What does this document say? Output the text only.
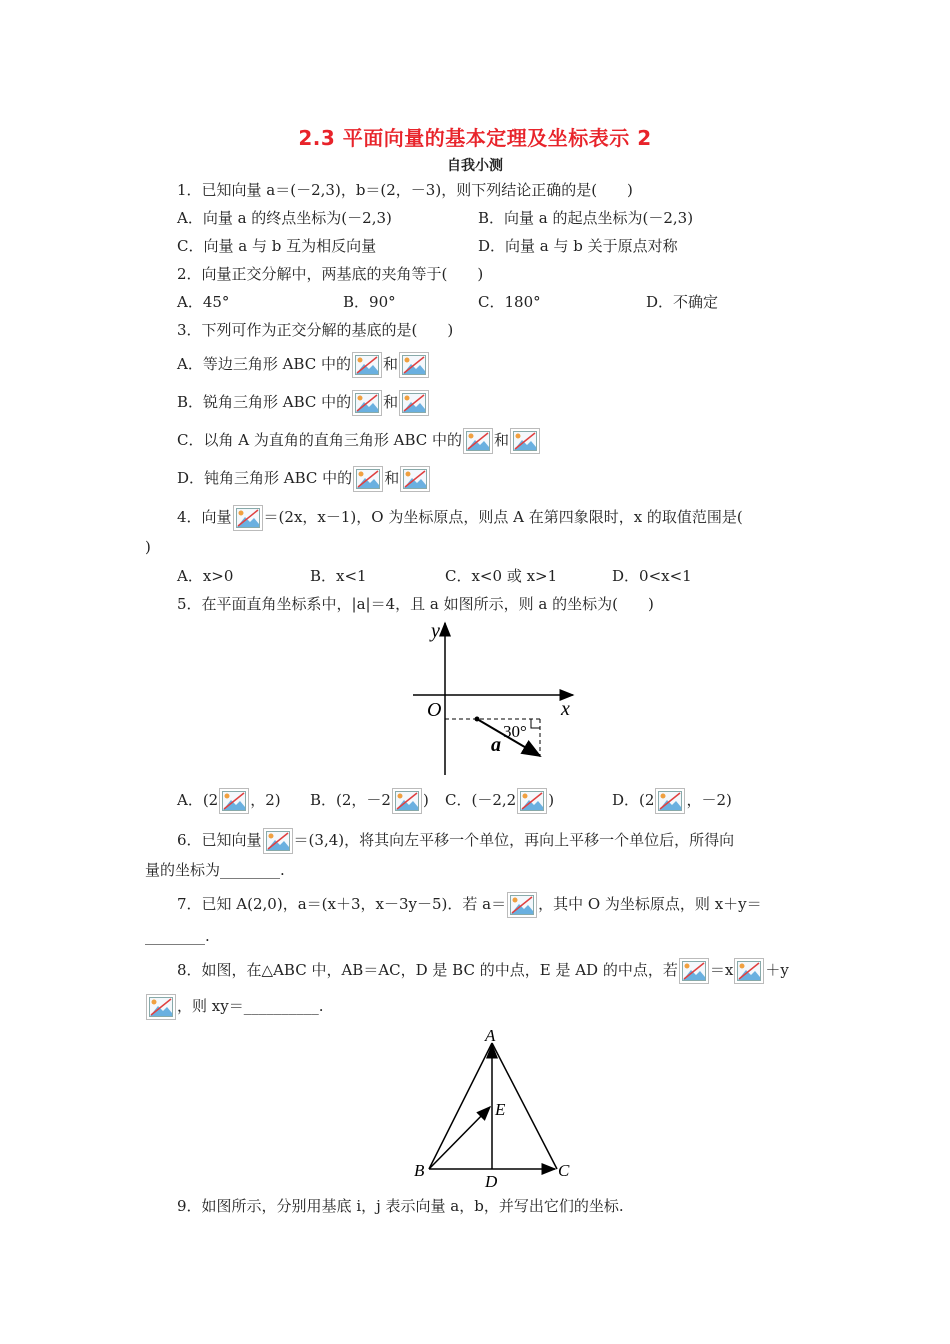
2.3 平面向量的基本定理及坐标表示 2
自我小测
1．已知向量 a＝(－2,3)，b＝(2，－3)，则下列结论正确的是(　　)
A．向量 a 的终点坐标为(－2,3)	B．向量 a 的起点坐标为(－2,3)
C．向量 a 与 b 互为相反向量	D．向量 a 与 b 关于原点对称
2．向量正交分解中，两基底的夹角等于(　　)
A．45°	B．90°	C．180°	D．不确定
3．下列可作为正交分解的基底的是(　　)
A．等边三角形 ABC 中的 和
B．锐角三角形 ABC 中的 和
C．以角 A 为直角的直角三角形 ABC 中的 和
D．钝角三角形 ABC 中的 和
4．向量 ＝(2x，x－1)，O 为坐标原点，则点 A 在第四象限时，x 的取值范围是(
)
A．x>0	B．x<1	C．x<0 或 x>1	D．0<x<1
5．在平面直角坐标系中，|a|＝4，且 a 如图所示，则 a 的坐标为(　　)
y
x
O
30°
a
A．(2 ，2) B．(2，－2 ) C．(－2,2 )	D．(2 ，－2)
6．已知向量 ＝(3,4)，将其向左平移一个单位，再向上平移一个单位后，所得向
量的坐标为________.
7．已知 A(2,0)，a＝(x＋3，x－3y－5)．若 a＝ ，其中 O 为坐标原点，则 x＋y＝
________.
8．如图，在△ABC 中，AB＝AC，D 是 BC 的中点，E 是 AD 的中点，若 ＝x ＋y
，则 xy＝__________.
A
B	C
D
E
9．如图所示，分别用基底 i，j 表示向量 a，b，并写出它们的坐标.
